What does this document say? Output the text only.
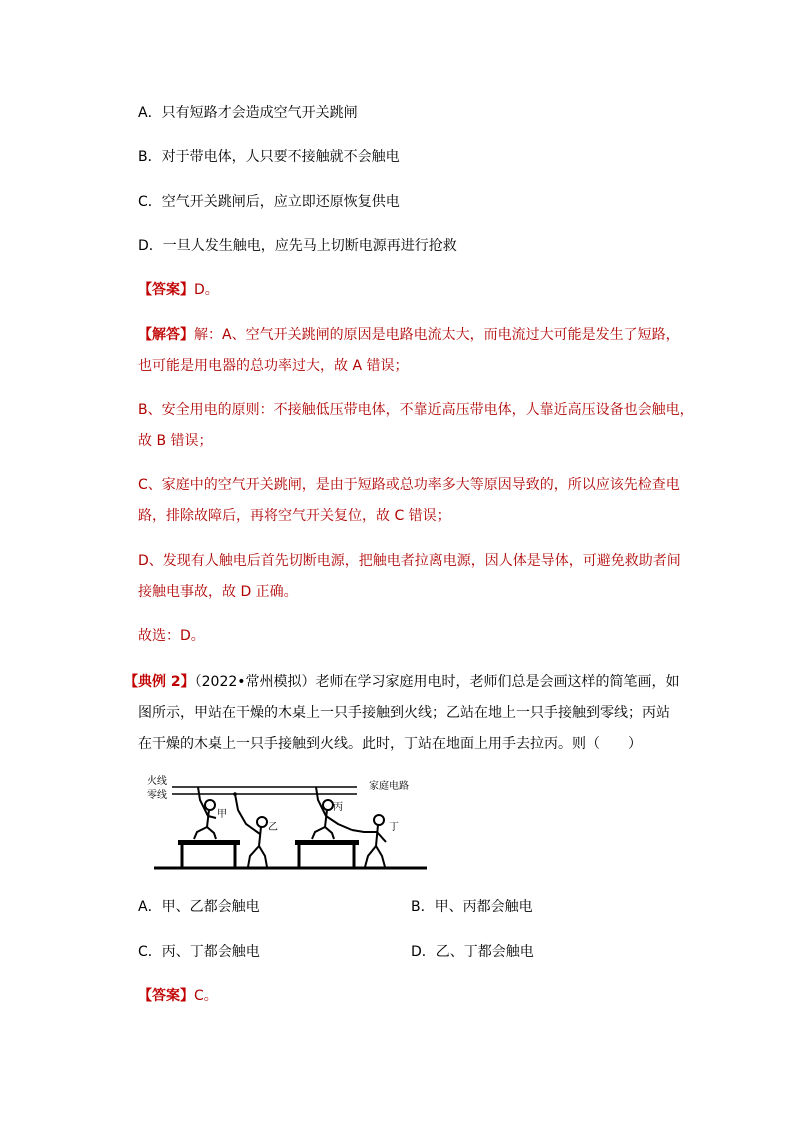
A．只有短路才会造成空气开关跳闸
B．对于带电体，人只要不接触就不会触电
C．空气开关跳闸后，应立即还原恢复供电
D．一旦人发生触电，应先马上切断电源再进行抢救
【答案】D。
【解答】解：A、空气开关跳闸的原因是电路电流太大，而电流过大可能是发生了短路，
也可能是用电器的总功率过大，故 A 错误；
B、安全用电的原则：不接触低压带电体，不靠近高压带电体，人靠近高压设备也会触电，
故 B 错误；
C、家庭中的空气开关跳闸，是由于短路或总功率多大等原因导致的，所以应该先检查电
路，排除故障后，再将空气开关复位，故 C 错误；
D、发现有人触电后首先切断电源，把触电者拉离电源，因人体是导体，可避免救助者间
接触电事故，故 D 正确。
故选：D。
【典例 2】（2022•常州模拟）老师在学习家庭用电时，老师们总是会画这样的简笔画，如
图所示，甲站在干燥的木桌上一只手接触到火线；乙站在地上一只手接触到零线；丙站
在干燥的木桌上一只手接触到火线。此时，丁站在地面上用手去拉丙。则（　　）
火线
零线
家庭电路
甲
乙
丙
丁
A．甲、乙都会触电	B．甲、丙都会触电
C．丙、丁都会触电	D．乙、丁都会触电
【答案】C。
